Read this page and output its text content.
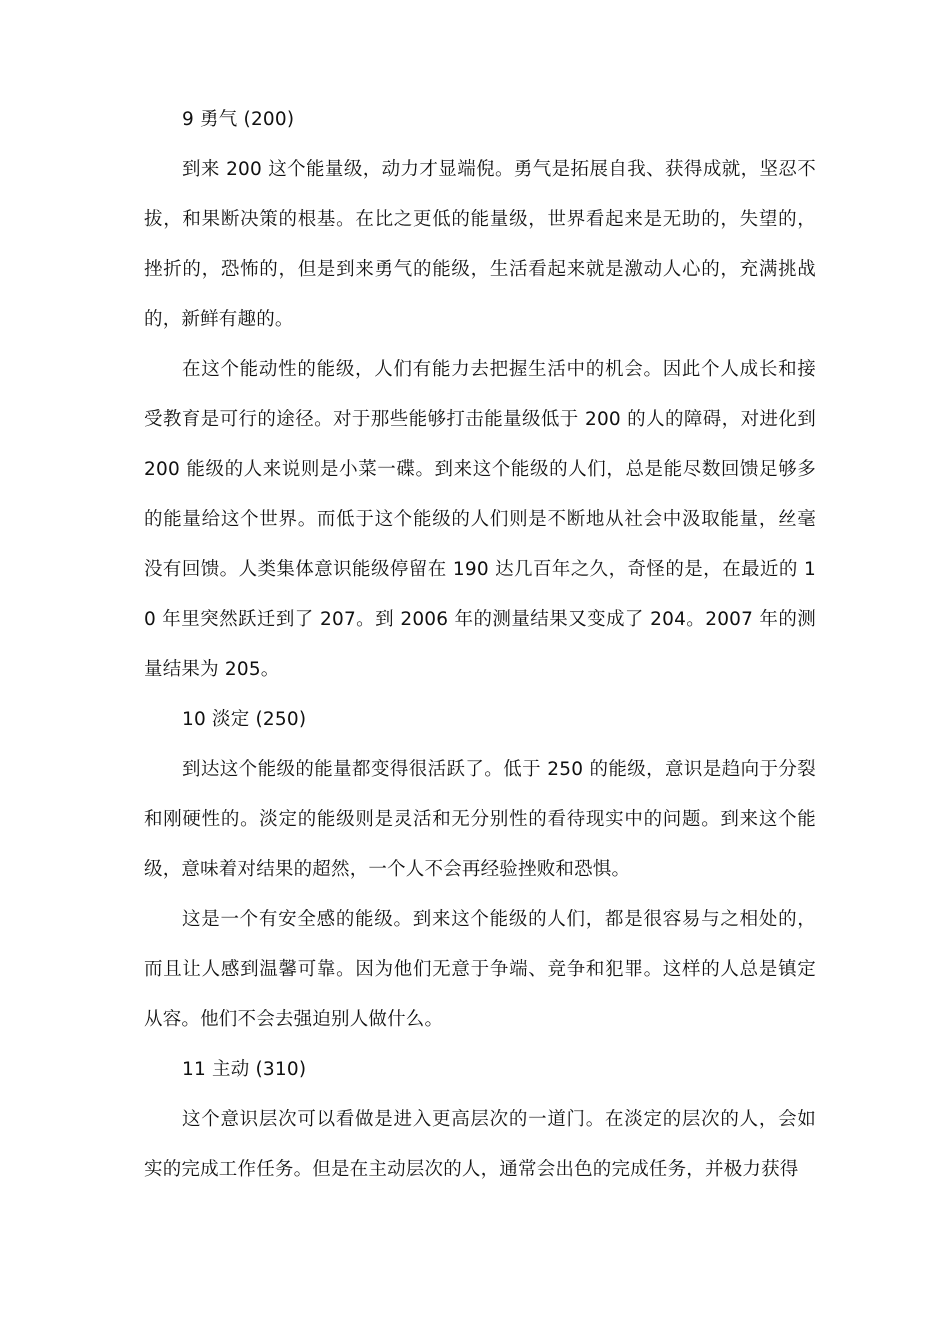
9 勇气 (200)

到来 200 这个能量级，动力才显端倪。勇气是拓展自我、获得成就，坚忍不拔，和果断决策的根基。在比之更低的能量级，世界看起来是无助的，失望的，挫折的，恐怖的，但是到来勇气的能级，生活看起来就是激动人心的，充满挑战的，新鲜有趣的。

在这个能动性的能级，人们有能力去把握生活中的机会。因此个人成长和接受教育是可行的途径。对于那些能够打击能量级低于 200 的人的障碍，对进化到 200 能级的人来说则是小菜一碟。到来这个能级的人们，总是能尽数回馈足够多的能量给这个世界。而低于这个能级的人们则是不断地从社会中汲取能量，丝毫没有回馈。人类集体意识能级停留在 190 达几百年之久，奇怪的是，在最近的 10 年里突然跃迁到了 207。到 2006 年的测量结果又变成了 204。2007 年的测量结果为 205。

10 淡定 (250)

到达这个能级的能量都变得很活跃了。低于 250 的能级，意识是趋向于分裂和刚硬性的。淡定的能级则是灵活和无分别性的看待现实中的问题。到来这个能级，意味着对结果的超然，一个人不会再经验挫败和恐惧。

这是一个有安全感的能级。到来这个能级的人们，都是很容易与之相处的，而且让人感到温馨可靠。因为他们无意于争端、竞争和犯罪。这样的人总是镇定从容。他们不会去强迫别人做什么。

11 主动 (310)

这个意识层次可以看做是进入更高层次的一道门。在淡定的层次的人，会如实的完成工作任务。但是在主动层次的人，通常会出色的完成任务，并极力获得
